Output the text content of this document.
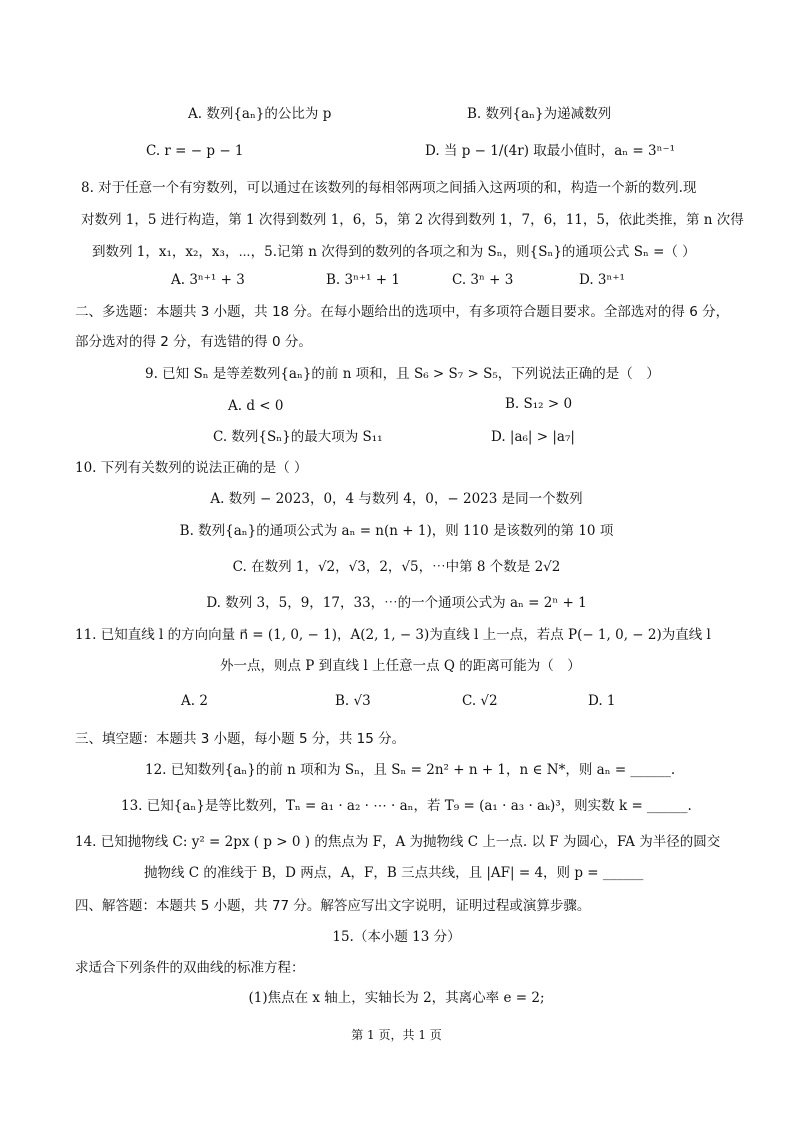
A. 数列{aₙ}的公比为 p	B. 数列{aₙ}为递减数列
C. r = − p − 1	D. 当 p − 1/(4r) 取最小值时，aₙ = 3ⁿ⁻¹
8. 对于任意一个有穷数列，可以通过在该数列的每相邻两项之间插入这两项的和，构造一个新的数列.现
对数列 1，5 进行构造，第 1 次得到数列 1，6，5，第 2 次得到数列 1，7，6，11，5，依此类推，第 n 次得
到数列 1，x₁，x₂，x₃，⋯，5.记第 n 次得到的数列的各项之和为 Sₙ，则{Sₙ}的通项公式 Sₙ =（ ）
A. 3ⁿ⁺¹ + 3	B. 3ⁿ⁺¹ + 1	C. 3ⁿ + 3	D. 3ⁿ⁺¹
二、多选题：本题共 3 小题，共 18 分。在每小题给出的选项中，有多项符合题目要求。全部选对的得 6 分，
部分选对的得 2 分，有选错的得 0 分。
9. 已知 Sₙ 是等差数列{aₙ}的前 n 项和，且 S₆ > S₇ > S₅，下列说法正确的是（　）
A. d < 0	B. S₁₂ > 0
C. 数列{Sₙ}的最大项为 S₁₁	D. |a₆| > |a₇|
10. 下列有关数列的说法正确的是（ ）
A. 数列 − 2023，0，4 与数列 4，0，− 2023 是同一个数列
B. 数列{aₙ}的通项公式为 aₙ = n(n + 1)，则 110 是该数列的第 10 项
C. 在数列 1，√2，√3，2，√5，⋯中第 8 个数是 2√2
D. 数列 3，5，9，17，33，⋯的一个通项公式为 aₙ = 2ⁿ + 1
11. 已知直线 l 的方向向量 n⃗ = (1, 0, − 1)，A(2, 1, − 3)为直线 l 上一点，若点 P(− 1, 0, − 2)为直线 l
外一点，则点 P 到直线 l 上任意一点 Q 的距离可能为（　）
A. 2	B. √3	C. √2	D. 1
三、填空题：本题共 3 小题，每小题 5 分，共 15 分。
12. 已知数列{aₙ}的前 n 项和为 Sₙ，且 Sₙ = 2n² + n + 1，n ∈ N*，则 aₙ = ______.
13. 已知{aₙ}是等比数列，Tₙ = a₁ · a₂ · ⋯ · aₙ，若 T₉ = (a₁ · a₃ · aₖ)³，则实数 k = ______.
14. 已知抛物线 C: y² = 2px ( p > 0 ) 的焦点为 F，A 为抛物线 C 上一点. 以 F 为圆心，FA 为半径的圆交
抛物线 C 的准线于 B，D 两点，A，F，B 三点共线，且 |AF| = 4，则 p = ______
四、解答题：本题共 5 小题，共 77 分。解答应写出文字说明，证明过程或演算步骤。
15.（本小题 13 分）
求适合下列条件的双曲线的标准方程：
(1)焦点在 x 轴上，实轴长为 2，其离心率 e = 2;
第 1 页，共 1 页
